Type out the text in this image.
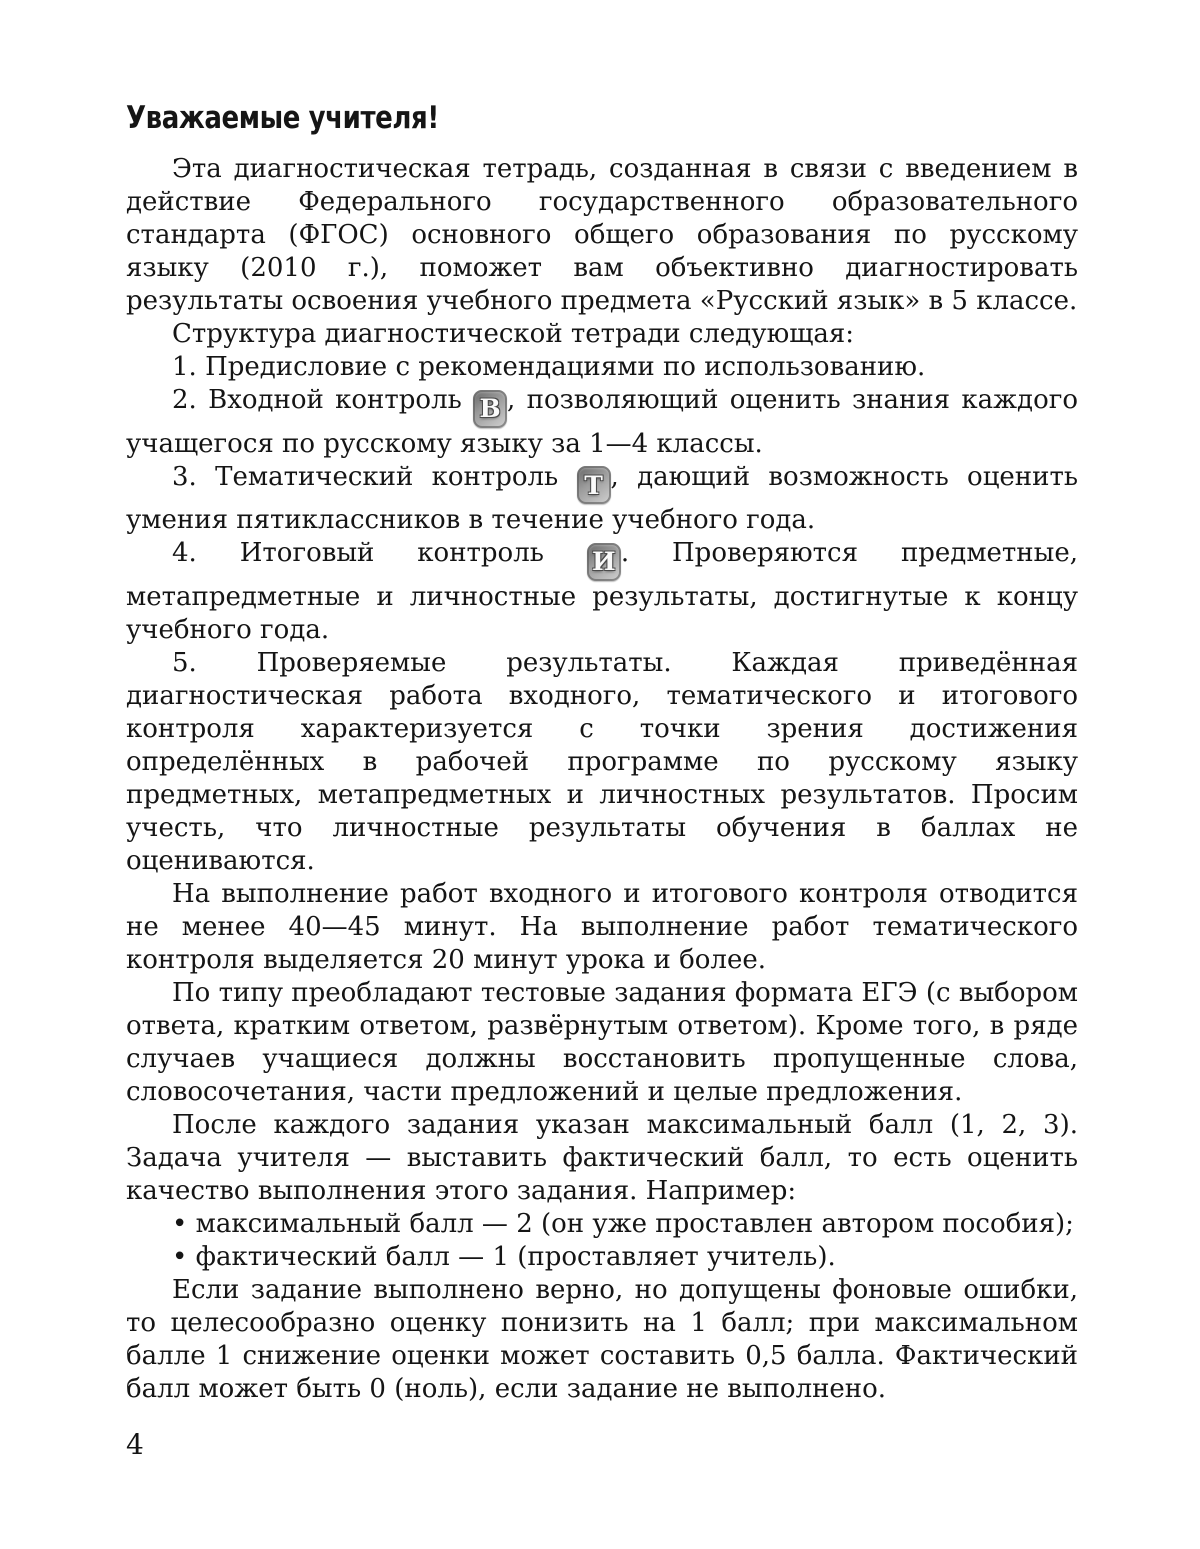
Уважаемые учителя!

Эта диагностическая тетрадь, созданная в связи с введением в действие Федерального государственного образовательного стандарта (ФГОС) основного общего образования по русскому языку (2010 г.), поможет вам объективно диагностировать результаты освоения учебного предмета «Русский язык» в 5 классе.

Структура диагностической тетради следующая:

1. Предисловие с рекомендациями по использованию.

2. Входной контроль В , позволяющий оценить знания каждого учащегося по русскому языку за 1—4 классы.

3. Тематический контроль Т , дающий возможность оценить умения пятиклассников в течение учебного года.

4. Итоговый контроль И . Проверяются предметные, метапредметные и личностные результаты, достигнутые к концу учебного года.

5. Проверяемые результаты. Каждая приведённая диагностическая работа входного, тематического и итогового контроля характеризуется с точки зрения достижения определённых в рабочей программе по русскому языку предметных, метапредметных и личностных результатов. Просим учесть, что личностные результаты обучения в баллах не оцениваются.

На выполнение работ входного и итогового контроля отводится не менее 40—45 минут. На выполнение работ тематического контроля выделяется 20 минут урока и более.

По типу преобладают тестовые задания формата ЕГЭ (с выбором ответа, кратким ответом, развёрнутым ответом). Кроме того, в ряде случаев учащиеся должны восстановить пропущенные слова, словосочетания, части предложений и целые предложения.

После каждого задания указан максимальный балл (1, 2, 3). Задача учителя — выставить фактический балл, то есть оценить качество выполнения этого задания. Например:

• максимальный балл — 2 (он уже проставлен автором пособия);

• фактический балл — 1 (проставляет учитель).

Если задание выполнено верно, но допущены фоновые ошибки, то целесообразно оценку понизить на 1 балл; при максимальном балле 1 снижение оценки может составить 0,5 балла. Фактический балл может быть 0 (ноль), если задание не выполнено.

4
